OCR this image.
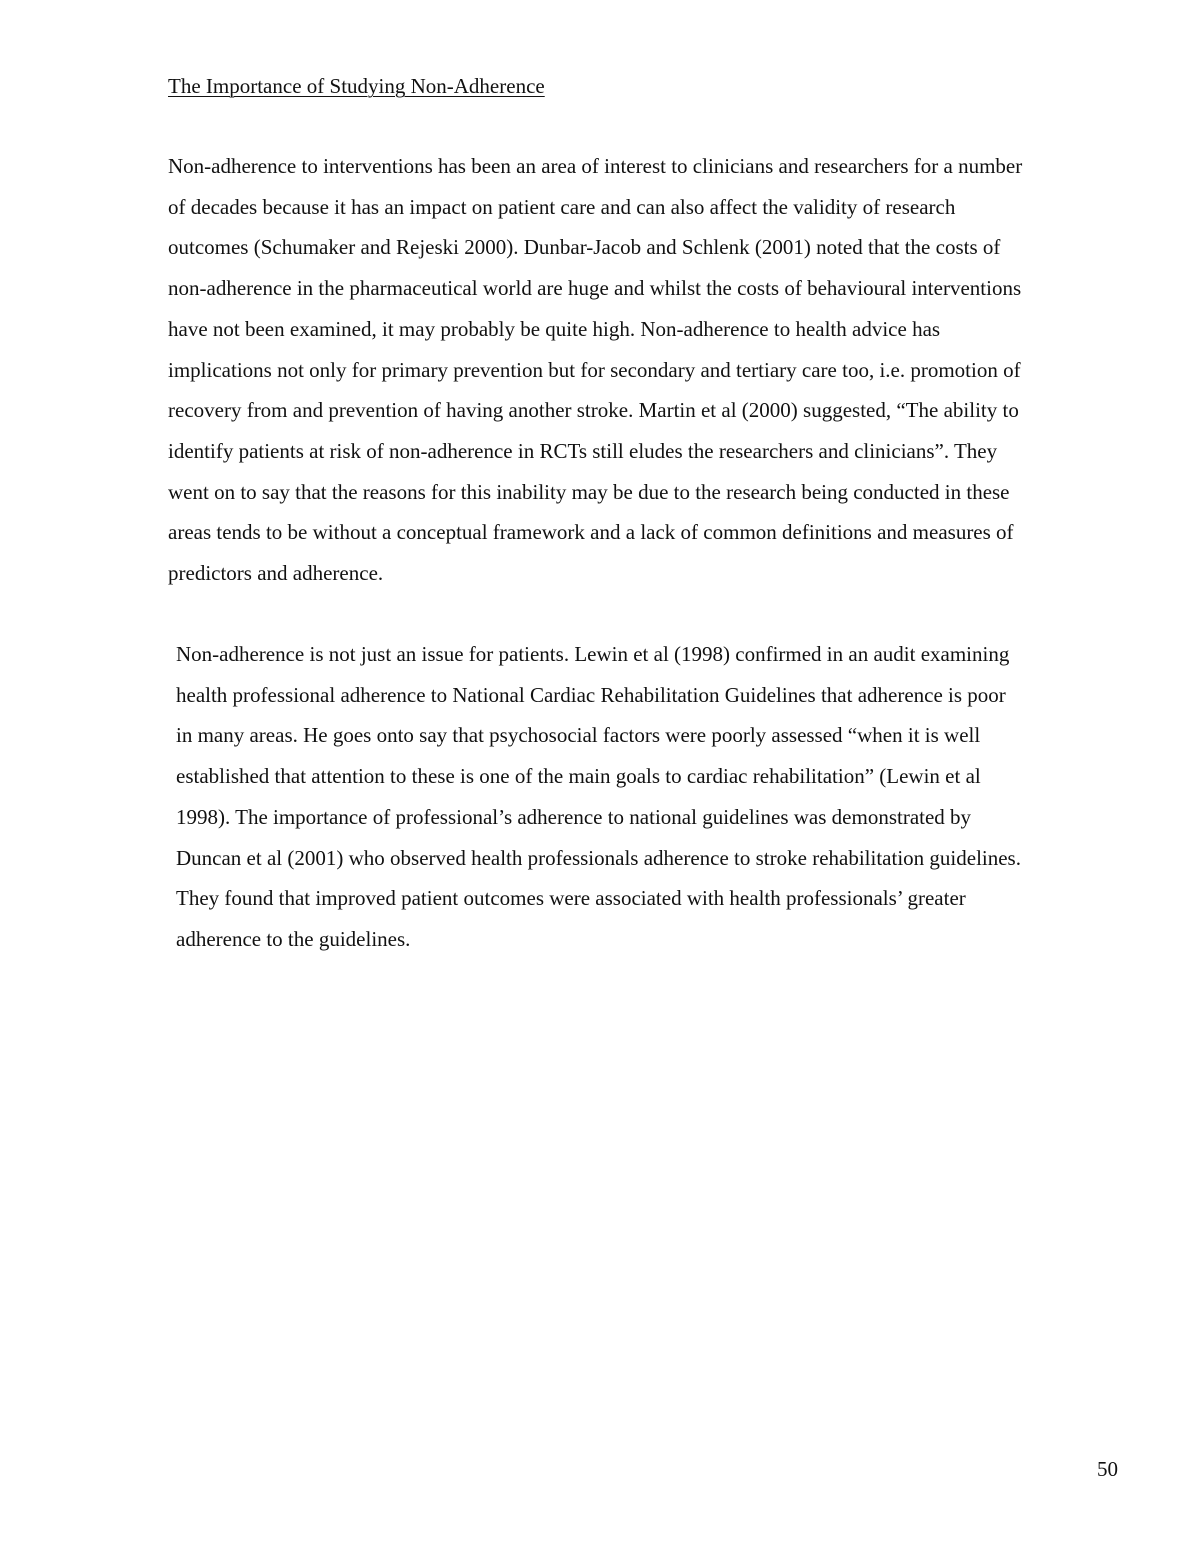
The Importance of Studying Non-Adherence

Non-adherence to interventions has been an area of interest to clinicians and researchers for a number
of decades because it has an impact on patient care and can also affect the validity of research
outcomes (Schumaker and Rejeski 2000). Dunbar-Jacob and Schlenk (2001) noted that the costs of
non-adherence in the pharmaceutical world are huge and whilst the costs of behavioural interventions
have not been examined, it may probably be quite high. Non-adherence to health advice has
implications not only for primary prevention but for secondary and tertiary care too, i.e. promotion of
recovery from and prevention of having another stroke. Martin et al (2000) suggested, “The ability to
identify patients at risk of non-adherence in RCTs still eludes the researchers and clinicians”. They
went on to say that the reasons for this inability may be due to the research being conducted in these
areas tends to be without a conceptual framework and a lack of common definitions and measures of
predictors and adherence.

Non-adherence is not just an issue for patients. Lewin et al (1998) confirmed in an audit examining
health professional adherence to National Cardiac Rehabilitation Guidelines that adherence is poor
in many areas. He goes onto say that psychosocial factors were poorly assessed “when it is well
established that attention to these is one of the main goals to cardiac rehabilitation” (Lewin et al
1998). The importance of professional’s adherence to national guidelines was demonstrated by
Duncan et al (2001) who observed health professionals adherence to stroke rehabilitation guidelines.
They found that improved patient outcomes were associated with health professionals’ greater
adherence to the guidelines.

50
